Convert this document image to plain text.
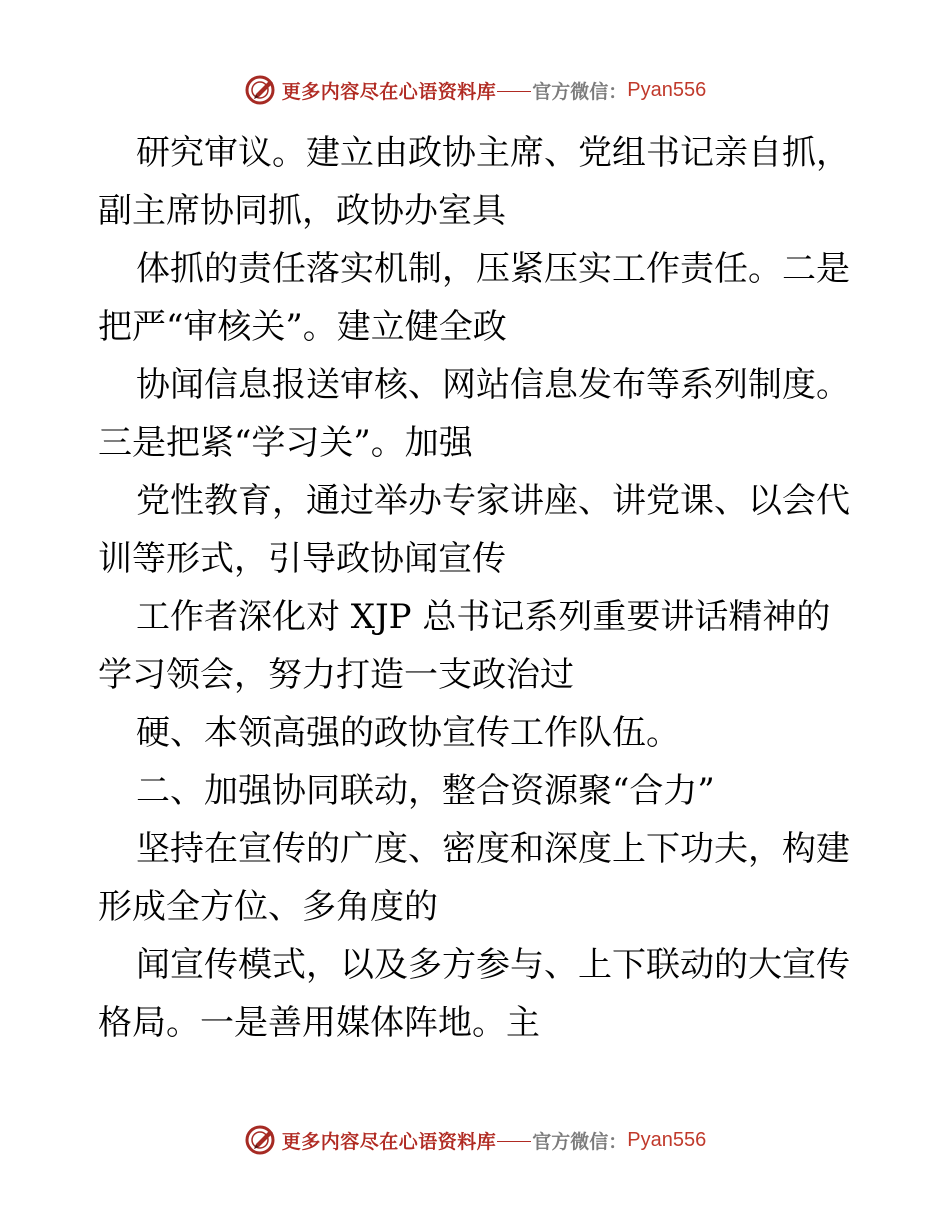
更多内容尽在心语资料库 官方微信： Pyan556
研究审议。建立由政协主席、党组书记亲自抓，
副主席协同抓，政协办室具
体抓的责任落实机制，压紧压实工作责任。二是
把严“审核关”。建立健全政
协闻信息报送审核、网站信息发布等系列制度。
三是把紧“学习关”。加强
党性教育，通过举办专家讲座、讲党课、以会代
训等形式，引导政协闻宣传
工作者深化对 XJP 总书记系列重要讲话精神的
学习领会，努力打造一支政治过
硬、本领高强的政协宣传工作队伍。
二、加强协同联动，整合资源聚“合力”
坚持在宣传的广度、密度和深度上下功夫，构建
形成全方位、多角度的
闻宣传模式，以及多方参与、上下联动的大宣传
格局。一是善用媒体阵地。主
更多内容尽在心语资料库 官方微信： Pyan556
